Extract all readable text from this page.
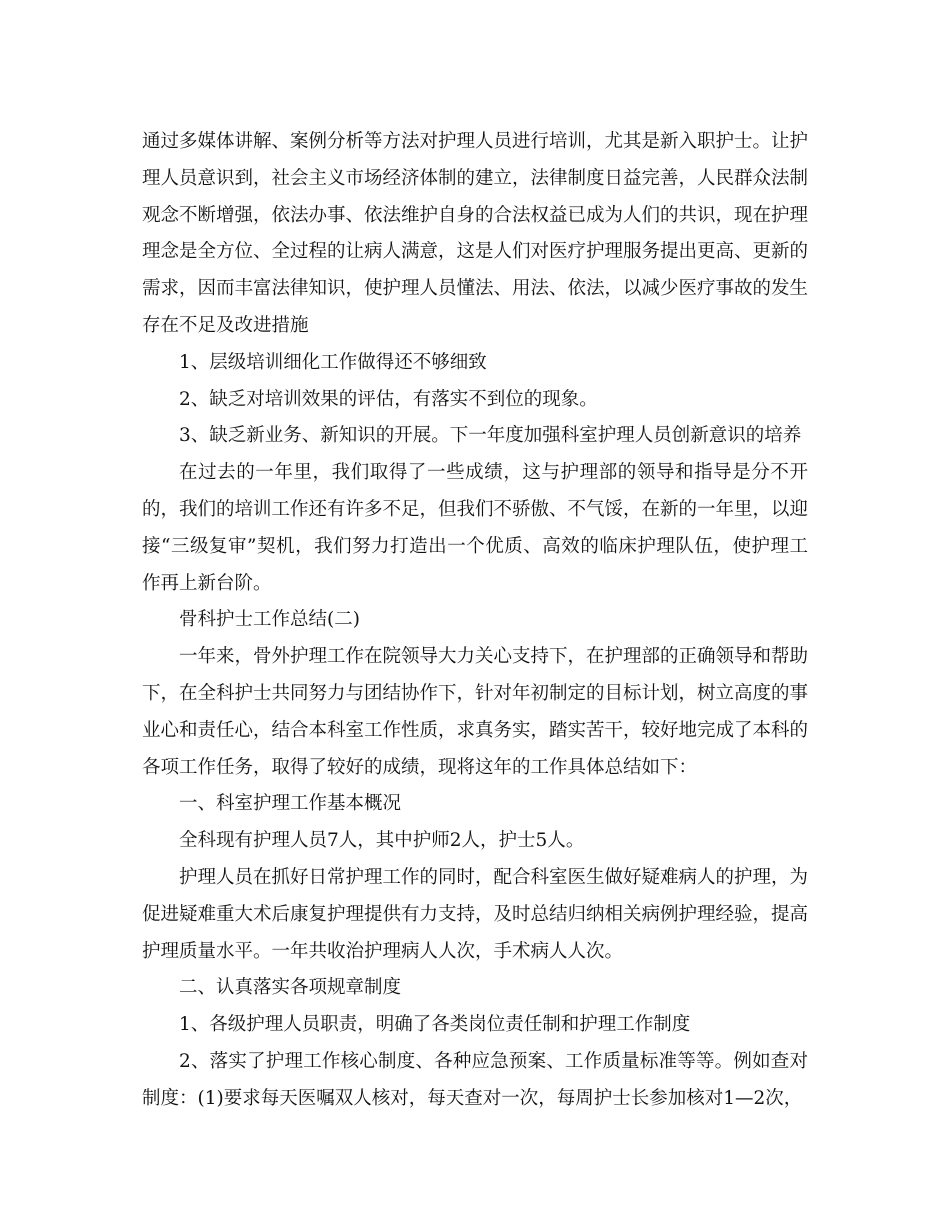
通过多媒体讲解、案例分析等方法对护理人员进行培训，尤其是新入职护士。让护理人员意识到，社会主义市场经济体制的建立，法律制度日益完善，人民群众法制观念不断增强，依法办事、依法维护自身的合法权益已成为人们的共识，现在护理理念是全方位、全过程的让病人满意，这是人们对医疗护理服务提出更高、更新的需求，因而丰富法律知识，使护理人员懂法、用法、依法，以减少医疗事故的发生存在不足及改进措施

1、层级培训细化工作做得还不够细致

2、缺乏对培训效果的评估，有落实不到位的现象。

3、缺乏新业务、新知识的开展。下一年度加强科室护理人员创新意识的培养

在过去的一年里，我们取得了一些成绩，这与护理部的领导和指导是分不开的，我们的培训工作还有许多不足，但我们不骄傲、不气馁，在新的一年里，以迎接“三级复审”契机，我们努力打造出一个优质、高效的临床护理队伍，使护理工作再上新台阶。

骨科护士工作总结(二)

一年来，骨外护理工作在院领导大力关心支持下，在护理部的正确领导和帮助下，在全科护士共同努力与团结协作下，针对年初制定的目标计划，树立高度的事业心和责任心，结合本科室工作性质，求真务实，踏实苦干，较好地完成了本科的各项工作任务，取得了较好的成绩，现将这年的工作具体总结如下：

一、科室护理工作基本概况

全科现有护理人员7人，其中护师2人，护士5人。

护理人员在抓好日常护理工作的同时，配合科室医生做好疑难病人的护理，为促进疑难重大术后康复护理提供有力支持，及时总结归纳相关病例护理经验，提高护理质量水平。一年共收治护理病人人次，手术病人人次。

二、认真落实各项规章制度

1、各级护理人员职责，明确了各类岗位责任制和护理工作制度

2、落实了护理工作核心制度、各种应急预案、工作质量标准等等。例如查对制度：(1)要求每天医嘱双人核对，每天查对一次，每周护士长参加核对1—2次，
